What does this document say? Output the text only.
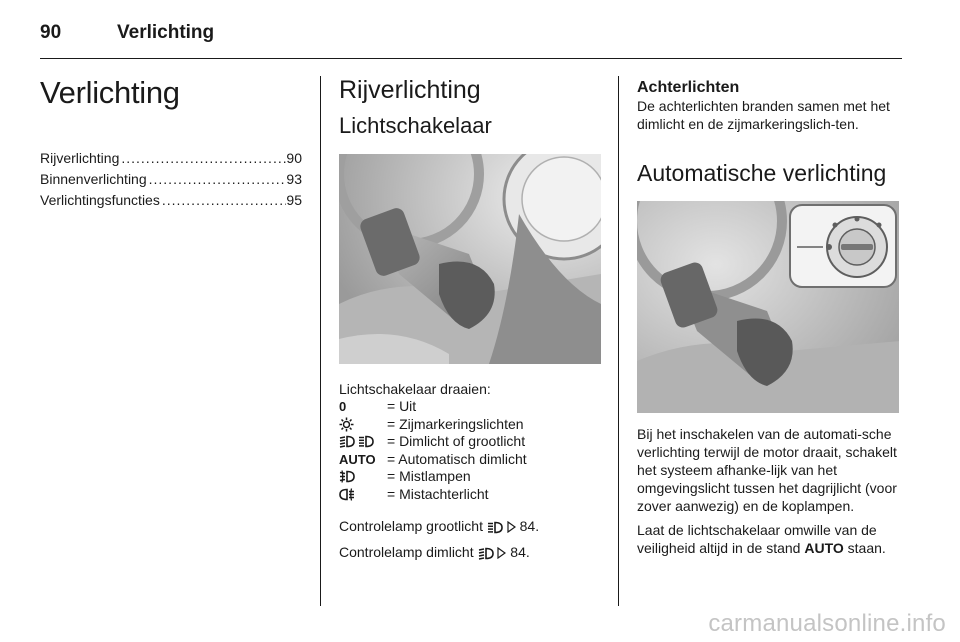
90	Verlichting
Verlichting
Rijverlichting .....	90
Binnenverlichting .....	93
Verlichtingsfuncties .....	95
Rijverlichting
Lichtschakelaar
Lichtschakelaar draaien:
0	= Uit
= Zijmarkeringslichten
= Dimlicht of grootlicht
AUTO = Automatisch dimlicht
= Mistlampen
= Mistachterlicht
Controlelamp grootlicht	84.
Controlelamp dimlicht	84.
Achterlichten
De achterlichten branden samen met het dimlicht en de zijmarkeringslich-ten.
Automatische verlichting
Bij het inschakelen van de automati-sche verlichting terwijl de motor draait, schakelt het systeem afhanke-lijk van het omgevingslicht tussen het dagrijlicht (voor zover aanwezig) en de koplampen.
Laat de lichtschakelaar omwille van de veiligheid altijd in de stand AUTO staan.
carmanualsonline.info
